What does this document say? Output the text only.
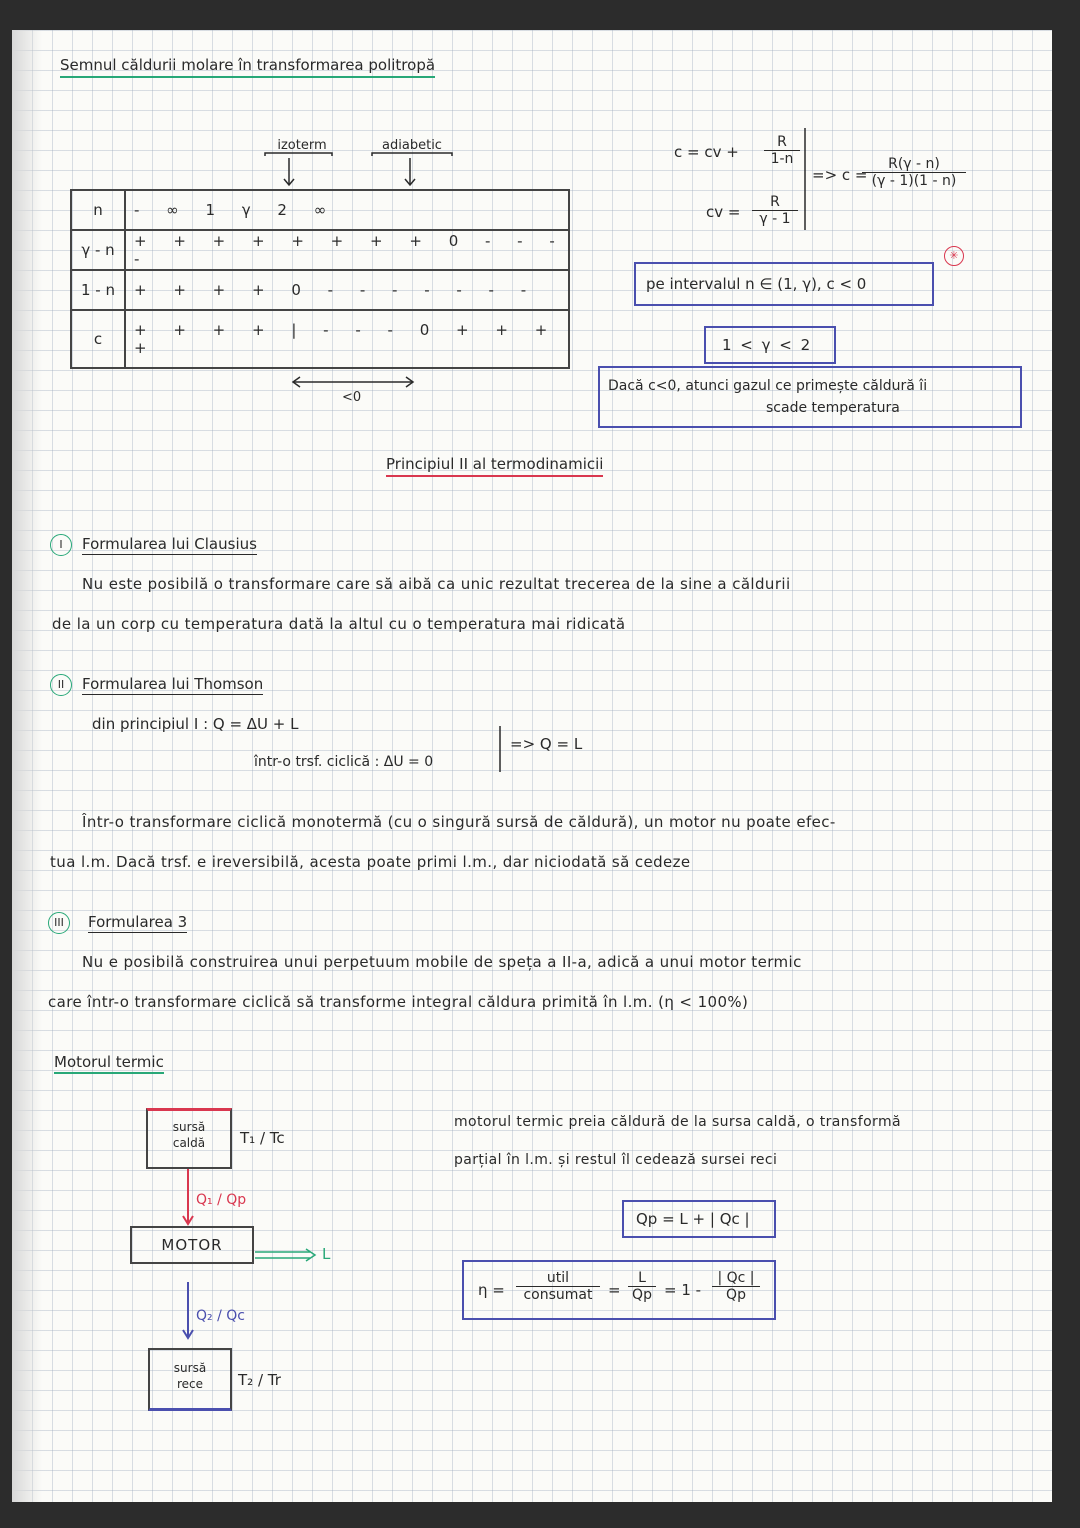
Semnul căldurii molare în transformarea politropă
izoterm	adiabetic
n	- ∞ 1 γ 2 ∞
γ - n	+ + + + + + + + 0 - - - -
1 - n	+ + + + 0 - - - - - - -
c	+ + + + | - - - 0 + + + +
<0
c = cv + $\frac{R}{1-n}$
cv = $\frac{R}{\gamma - 1}$
=> c =
$\frac{R(\gamma - n)}{(\gamma - 1)(1 - n)}$
✳
pe intervalul n ∈ (1, γ), c < 0
1 < γ < 2
Dacă c<0, atunci gazul ce primește căldură îi
scade temperatura
Principiul II al termodinamicii
I	Formularea lui Clausius
Nu este posibilă o transformare care să aibă ca unic rezultat trecerea de la sine a căldurii
de la un corp cu temperatura dată la altul cu o temperatura mai ridicată
II	Formularea lui Thomson
din principiul I : Q = ΔU + L
într-o trsf. ciclică : ΔU = 0
=> Q = L
Într-o transformare ciclică monotermă (cu o singură sursă de căldură), un motor nu poate efec-
tua l.m. Dacă trsf. e ireversibilă, acesta poate primi l.m., dar niciodată să cedeze
III	Formularea 3
Nu e posibilă construirea unui perpetuum mobile de speța a II-a, adică a unui motor termic
care într-o transformare ciclică să transforme integral căldura primită în l.m. (η < 100%)
Motorul termic
sursă caldă	T₁ / Tc
Q₁ / Qp
MOTOR	L
Q₂ / Qc
sursă rece	T₂ / Tr
motorul termic preia căldură de la sursa caldă, o transformă
parțial în l.m. și restul îl cedează sursei reci
Qp = L + | Qc |
η =
util
consumat	= $\frac{L}{Qp} = 1 - \frac{| Qc |}{Qp}$
